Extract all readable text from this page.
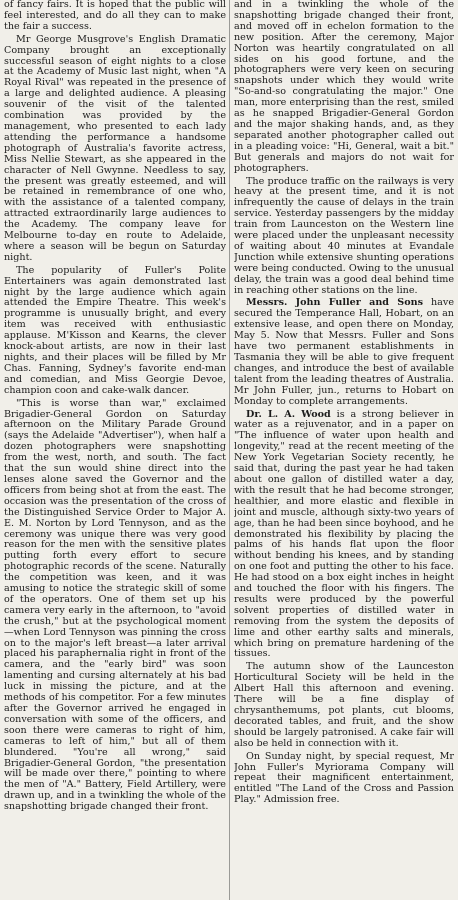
of fancy fairs. It is hoped that the public will feel interested, and do all they can to make the fair a success.

Mr George Musgrove's English Dramatic Company brought an exceptionally successful season of eight nights to a close at the Academy of Music last night, when "A Royal Rival" was repeated in the presence of a large and delighted audience. A pleasing souvenir of the visit of the talented combination was provided by the management, who presented to each lady attending the performance a handsome photograph of Australia's favorite actress, Miss Nellie Stewart, as she appeared in the character of Nell Gwynne. Needless to say, the present was greatly esteemed, and will be retained in remembrance of one who, with the assistance of a talented company, attracted extraordinarily large audiences to the Academy. The company leave for Melbourne to-day en route to Adelaide, where a season will be begun on Saturday night.

The popularity of Fuller's Polite Entertainers was again demonstrated last night by the large audience which again attended the Empire Theatre. This week's programme is unusually bright, and every item was received with enthusiastic applause. M'Kisson and Kearns, the clever knock-about artists, are now in their last nights, and their places will be filled by Mr Chas. Fanning, Sydney's favorite end-man and comedian, and Miss Georgie Devoe, champion coon and cake-walk dancer.

"This is worse than war," exclaimed Brigadier-General Gordon on Saturday afternoon on the Military Parade Ground (says the Adelaide "Advertiser"), when half a dozen photographers were snapshotting from the west, north, and south. The fact that the sun would shine direct into the lenses alone saved the Governor and the officers from being shot at from the east. The occasion was the presentation of the cross of the Distinguished Service Order to Major A. E. M. Norton by Lord Tennyson, and as the ceremony was unique there was very good reason for the men with the sensitive plates putting forth every effort to secure photographic records of the scene. Naturally the competition was keen, and it was amusing to notice the strategic skill of some of the operators. One of them set up his camera very early in the afternoon, to "avoid the crush," but at the psychological moment—when Lord Tennyson was pinning the cross on to the major's left breast—a later arrival placed his paraphernalia right in front of the camera, and the "early bird" was soon lamenting and cursing alternately at his bad luck in missing the picture, and at the methods of his competitor. For a few minutes after the Governor arrived he engaged in conversation with some of the officers, and soon there were cameras to right of him, cameras to left of him," but all of them blundered. "You're all wrong," said Brigadier-General Gordon, "the presentation will be made over there," pointing to where the men of "A." Battery, Field Artillery, were drawn up, and in a twinkling the whole of the snapshotting brigade changed their front.

and in a twinkling the whole of the snapshotting brigade changed their front, and moved off in echelon formation to the new position. After the ceremony, Major Norton was heartily congratulated on all sides on his good fortune, and the photographers were very keen on securing snapshots under which they would write "So-and-so congratulating the major." One man, more enterprising than the rest, smiled as he snapped Brigadier-General Gordon and the major shaking hands, and, as they separated another photographer called out in a pleading voice: "Hi, General, wait a bit." But generals and majors do not wait for photographers.

The produce traffic on the railways is very heavy at the present time, and it is not infrequently the cause of delays in the train service. Yesterday passengers by the midday train from Launceston on the Western line were placed under the unpleasant necessity of waiting about 40 minutes at Evandale Junction while extensive shunting operations were being conducted. Owing to the unusual delay, the train was a good deal behind time in reaching other stations on the line.

Messrs. John Fuller and Sons have secured the Temperance Hall, Hobart, on an extensive lease, and open there on Monday, May 5. Now that Messrs. Fuller and Sons have two permanent establishments in Tasmania they will be able to give frequent changes, and introduce the best of available talent from the leading theatres of Australia. Mr John Fuller, jun., returns to Hobart on Monday to complete arrangements.

Dr. L. A. Wood is a strong believer in water as a rejuvenator, and in a paper on "The influence of water upon health and longevity," read at the recent meeting of the New York Vegetarian Society recently, he said that, during the past year he had taken about one gallon of distilled water a day, with the result that he had become stronger, healthier, and more elastic and flexible in joint and muscle, although sixty-two years of age, than he had been since boyhood, and he demonstrated his flexibility by placing the palms of his hands flat upon the floor without bending his knees, and by standing on one foot and putting the other to his face. He had stood on a box eight inches in height and touched the floor with his fingers. The results were produced by the powerful solvent properties of distilled water in removing from the system the deposits of lime and other earthy salts and minerals, which bring on premature hardening of the tissues.

The autumn show of the Launceston Horticultural Society will be held in the Albert Hall this afternoon and evening. There will be a fine display of chrysanthemums, pot plants, cut blooms, decorated tables, and fruit, and the show should be largely patronised. A cake fair will also be held in connection with it.

On Sunday night, by special request, Mr John Fuller's Myriorama Company will repeat their magnificent entertainment, entitled "The Land of the Cross and Passion Play." Admission free.
